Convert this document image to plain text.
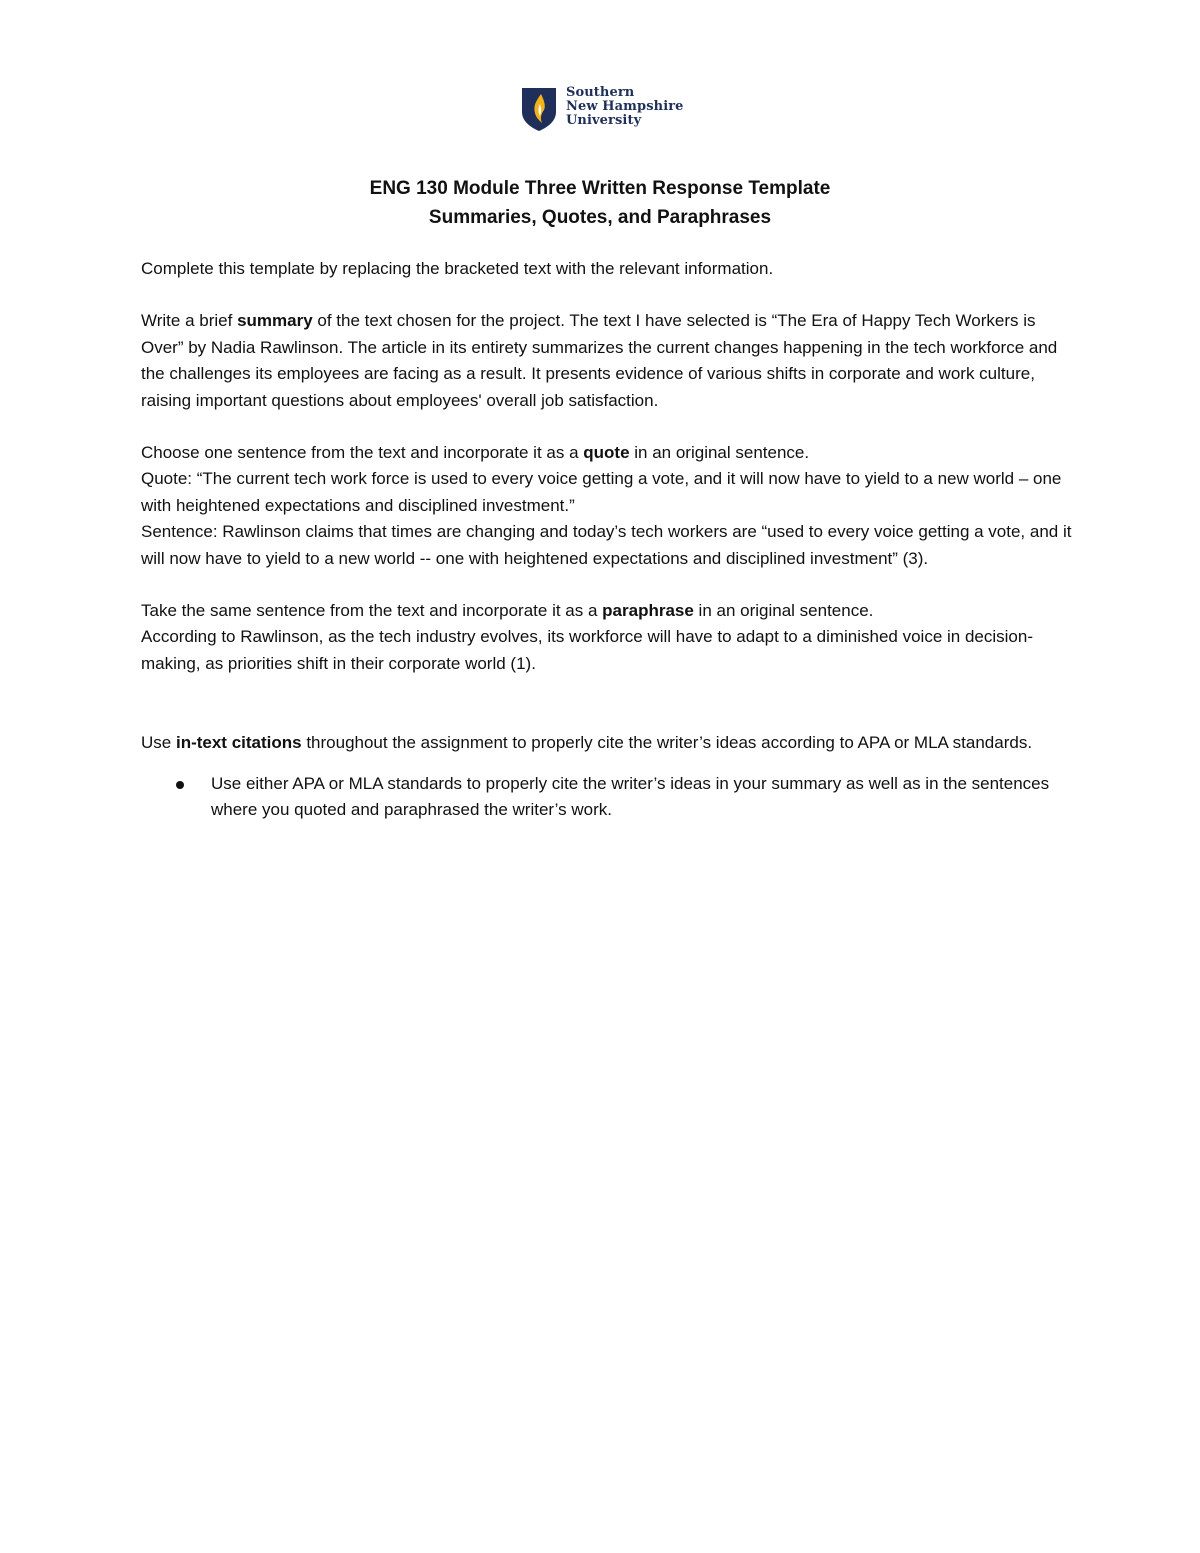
Southern
New Hampshire
University
ENG 130 Module Three Written Response Template
Summaries, Quotes, and Paraphrases

Complete this template by replacing the bracketed text with the relevant information.

Write a brief summary of the text chosen for the project. The text I have selected is “The Era of Happy Tech Workers is Over” by Nadia Rawlinson. The article in its entirety summarizes the current changes happening in the tech workforce and the challenges its employees are facing as a result. It presents evidence of various shifts in corporate and work culture, raising important questions about employees' overall job satisfaction.

Choose one sentence from the text and incorporate it as a quote in an original sentence.

Quote: “The current tech work force is used to every voice getting a vote, and it will now have to yield to a new world – one with heightened expectations and disciplined investment.”

Sentence: Rawlinson claims that times are changing and today’s tech workers are “used to every voice getting a vote, and it will now have to yield to a new world -- one with heightened expectations and disciplined investment” (3).

Take the same sentence from the text and incorporate it as a paraphrase in an original sentence.

According to Rawlinson, as the tech industry evolves, its workforce will have to adapt to a diminished voice in decision-making, as priorities shift in their corporate world (1).

Use in-text citations throughout the assignment to properly cite the writer’s ideas according to APA or MLA standards.

Use either APA or MLA standards to properly cite the writer’s ideas in your summary as well as in the sentences where you quoted and paraphrased the writer’s work.
